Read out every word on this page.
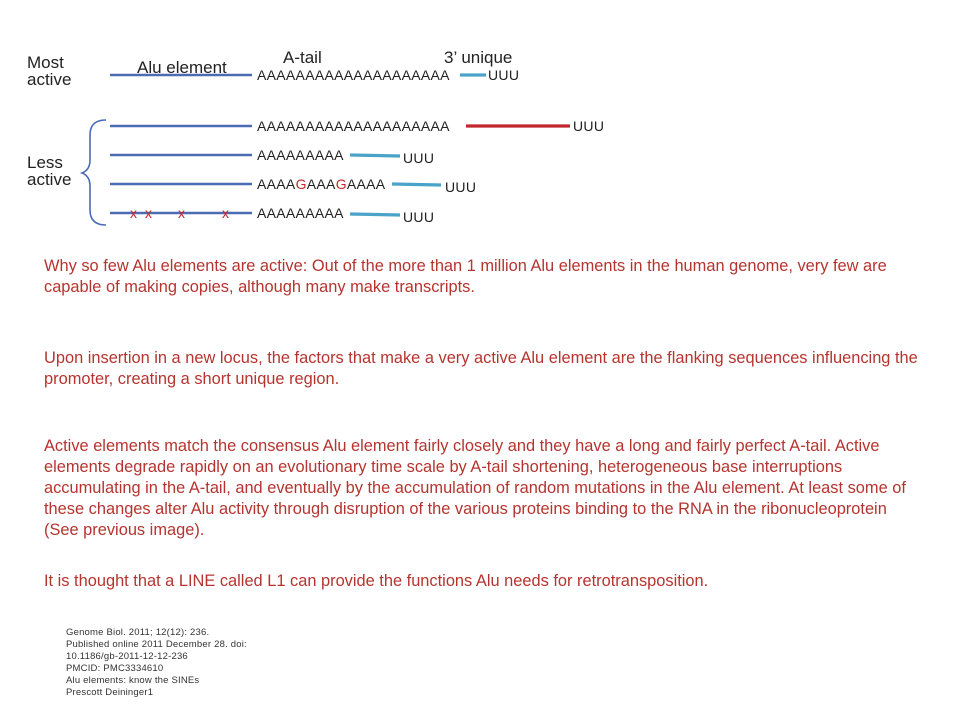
Most active
Alu element
A-tail	3’ unique
Less active
AAAAAAAAAAAAAAAAAAAA	UUU
AAAAAAAAAAAAAAAAAAAA	UUU
AAAAAAAAA	UUU
AAAAGAAAGAAAA	UUU
x x x	x AAAAAAAAA	UUU

Why so few Alu elements are active: Out of the more than 1 million Alu elements in the human genome, very few are capable of making copies, although many make transcripts.

Upon insertion in a new locus, the factors that make a very active Alu element are the flanking sequences influencing the promoter, creating a short unique region.

Active elements match the consensus Alu element fairly closely and they have a long and fairly perfect A-tail. Active elements degrade rapidly on an evolutionary time scale by A-tail shortening, heterogeneous base interruptions accumulating in the A-tail, and eventually by the accumulation of random mutations in the Alu element. At least some of these changes alter Alu activity through disruption of the various proteins binding to the RNA in the ribonucleoprotein (See previous image).

It is thought that a LINE called L1 can provide the functions Alu needs for retrotransposition.

Genome Biol. 2011; 12(12): 236.
Published online 2011 December 28. doi:
10.1186/gb-2011-12-12-236
PMCID: PMC3334610
Alu elements: know the SINEs
Prescott Deininger1
